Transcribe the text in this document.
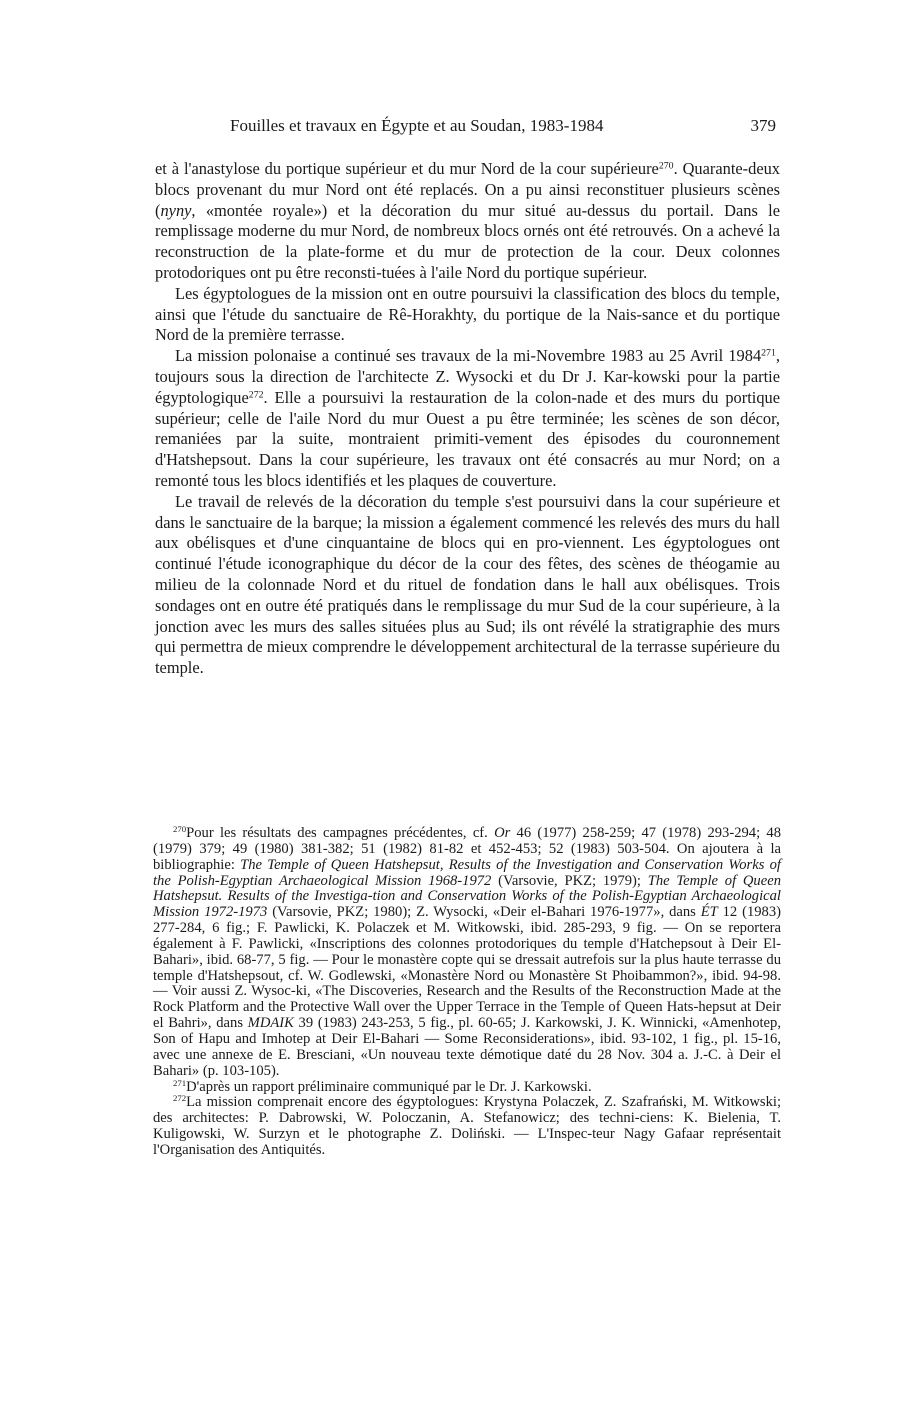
Fouilles et travaux en Égypte et au Soudan, 1983-1984	379

et à l'anastylose du portique supérieur et du mur Nord de la cour supérieure$^{270}$. Quarante-deux blocs provenant du mur Nord ont été replacés. On a pu ainsi reconstituer plusieurs scènes (nyny, «montée royale») et la décoration du mur situé au-dessus du portail. Dans le remplissage moderne du mur Nord, de nombreux blocs ornés ont été retrouvés. On a achevé la reconstruction de la plate-forme et du mur de protection de la cour. Deux colonnes protodoriques ont pu être reconsti-tuées à l'aile Nord du portique supérieur.

Les égyptologues de la mission ont en outre poursuivi la classification des blocs du temple, ainsi que l'étude du sanctuaire de Rê-Horakhty, du portique de la Nais-sance et du portique Nord de la première terrasse.

La mission polonaise a continué ses travaux de la mi-Novembre 1983 au 25 Avril 1984$^{271}$, toujours sous la direction de l'architecte Z. Wysocki et du Dr J. Kar-kowski pour la partie égyptologique$^{272}$. Elle a poursuivi la restauration de la colon-nade et des murs du portique supérieur; celle de l'aile Nord du mur Ouest a pu être terminée; les scènes de son décor, remaniées par la suite, montraient primiti-vement des épisodes du couronnement d'Hatshepsout. Dans la cour supérieure, les travaux ont été consacrés au mur Nord; on a remonté tous les blocs identifiés et les plaques de couverture.

Le travail de relevés de la décoration du temple s'est poursuivi dans la cour supérieure et dans le sanctuaire de la barque; la mission a également commencé les relevés des murs du hall aux obélisques et d'une cinquantaine de blocs qui en pro-viennent. Les égyptologues ont continué l'étude iconographique du décor de la cour des fêtes, des scènes de théogamie au milieu de la colonnade Nord et du rituel de fondation dans le hall aux obélisques. Trois sondages ont en outre été pratiqués dans le remplissage du mur Sud de la cour supérieure, à la jonction avec les murs des salles situées plus au Sud; ils ont révélé la stratigraphie des murs qui permettra de mieux comprendre le développement architectural de la terrasse supérieure du temple.

$^{270}$Pour les résultats des campagnes précédentes, cf. Or 46 (1977) 258-259; 47 (1978) 293-294; 48 (1979) 379; 49 (1980) 381-382; 51 (1982) 81-82 et 452-453; 52 (1983) 503-504. On ajoutera à la bibliographie: The Temple of Queen Hatshepsut, Results of the Investigation and Conservation Works of the Polish-Egyptian Archaeological Mission 1968-1972 (Varsovie, PKZ; 1979); The Temple of Queen Hatshepsut. Results of the Investiga-tion and Conservation Works of the Polish-Egyptian Archaeological Mission 1972-1973 (Varsovie, PKZ; 1980); Z. Wysocki, «Deir el-Bahari 1976-1977», dans ÉT 12 (1983) 277-284, 6 fig.; F. Pawlicki, K. Polaczek et M. Witkowski, ibid. 285-293, 9 fig. — On se reportera également à F. Pawlicki, «Inscriptions des colonnes protodoriques du temple d'Hatchepsout à Deir El-Bahari», ibid. 68-77, 5 fig. — Pour le monastère copte qui se dressait autrefois sur la plus haute terrasse du temple d'Hatshepsout, cf. W. Godlewski, «Monastère Nord ou Monastère St Phoibammon?», ibid. 94-98. — Voir aussi Z. Wysoc-ki, «The Discoveries, Research and the Results of the Reconstruction Made at the Rock Platform and the Protective Wall over the Upper Terrace in the Temple of Queen Hats-hepsut at Deir el Bahri», dans MDAIK 39 (1983) 243-253, 5 fig., pl. 60-65; J. Karkowski, J. K. Winnicki, «Amenhotep, Son of Hapu and Imhotep at Deir El-Bahari — Some Reconsiderations», ibid. 93-102, 1 fig., pl. 15-16, avec une annexe de E. Bresciani, «Un nouveau texte démotique daté du 28 Nov. 304 a. J.-C. à Deir el Bahari» (p. 103-105).

$^{271}$D'après un rapport préliminaire communiqué par le Dr. J. Karkowski.

$^{272}$La mission comprenait encore des égyptologues: Krystyna Polaczek, Z. Szafrański, M. Witkowski; des architectes: P. Dabrowski, W. Poloczanin, A. Stefanowicz; des techni-ciens: K. Bielenia, T. Kuligowski, W. Surzyn et le photographe Z. Doliński. — L'Inspec-teur Nagy Gafaar représentait l'Organisation des Antiquités.
